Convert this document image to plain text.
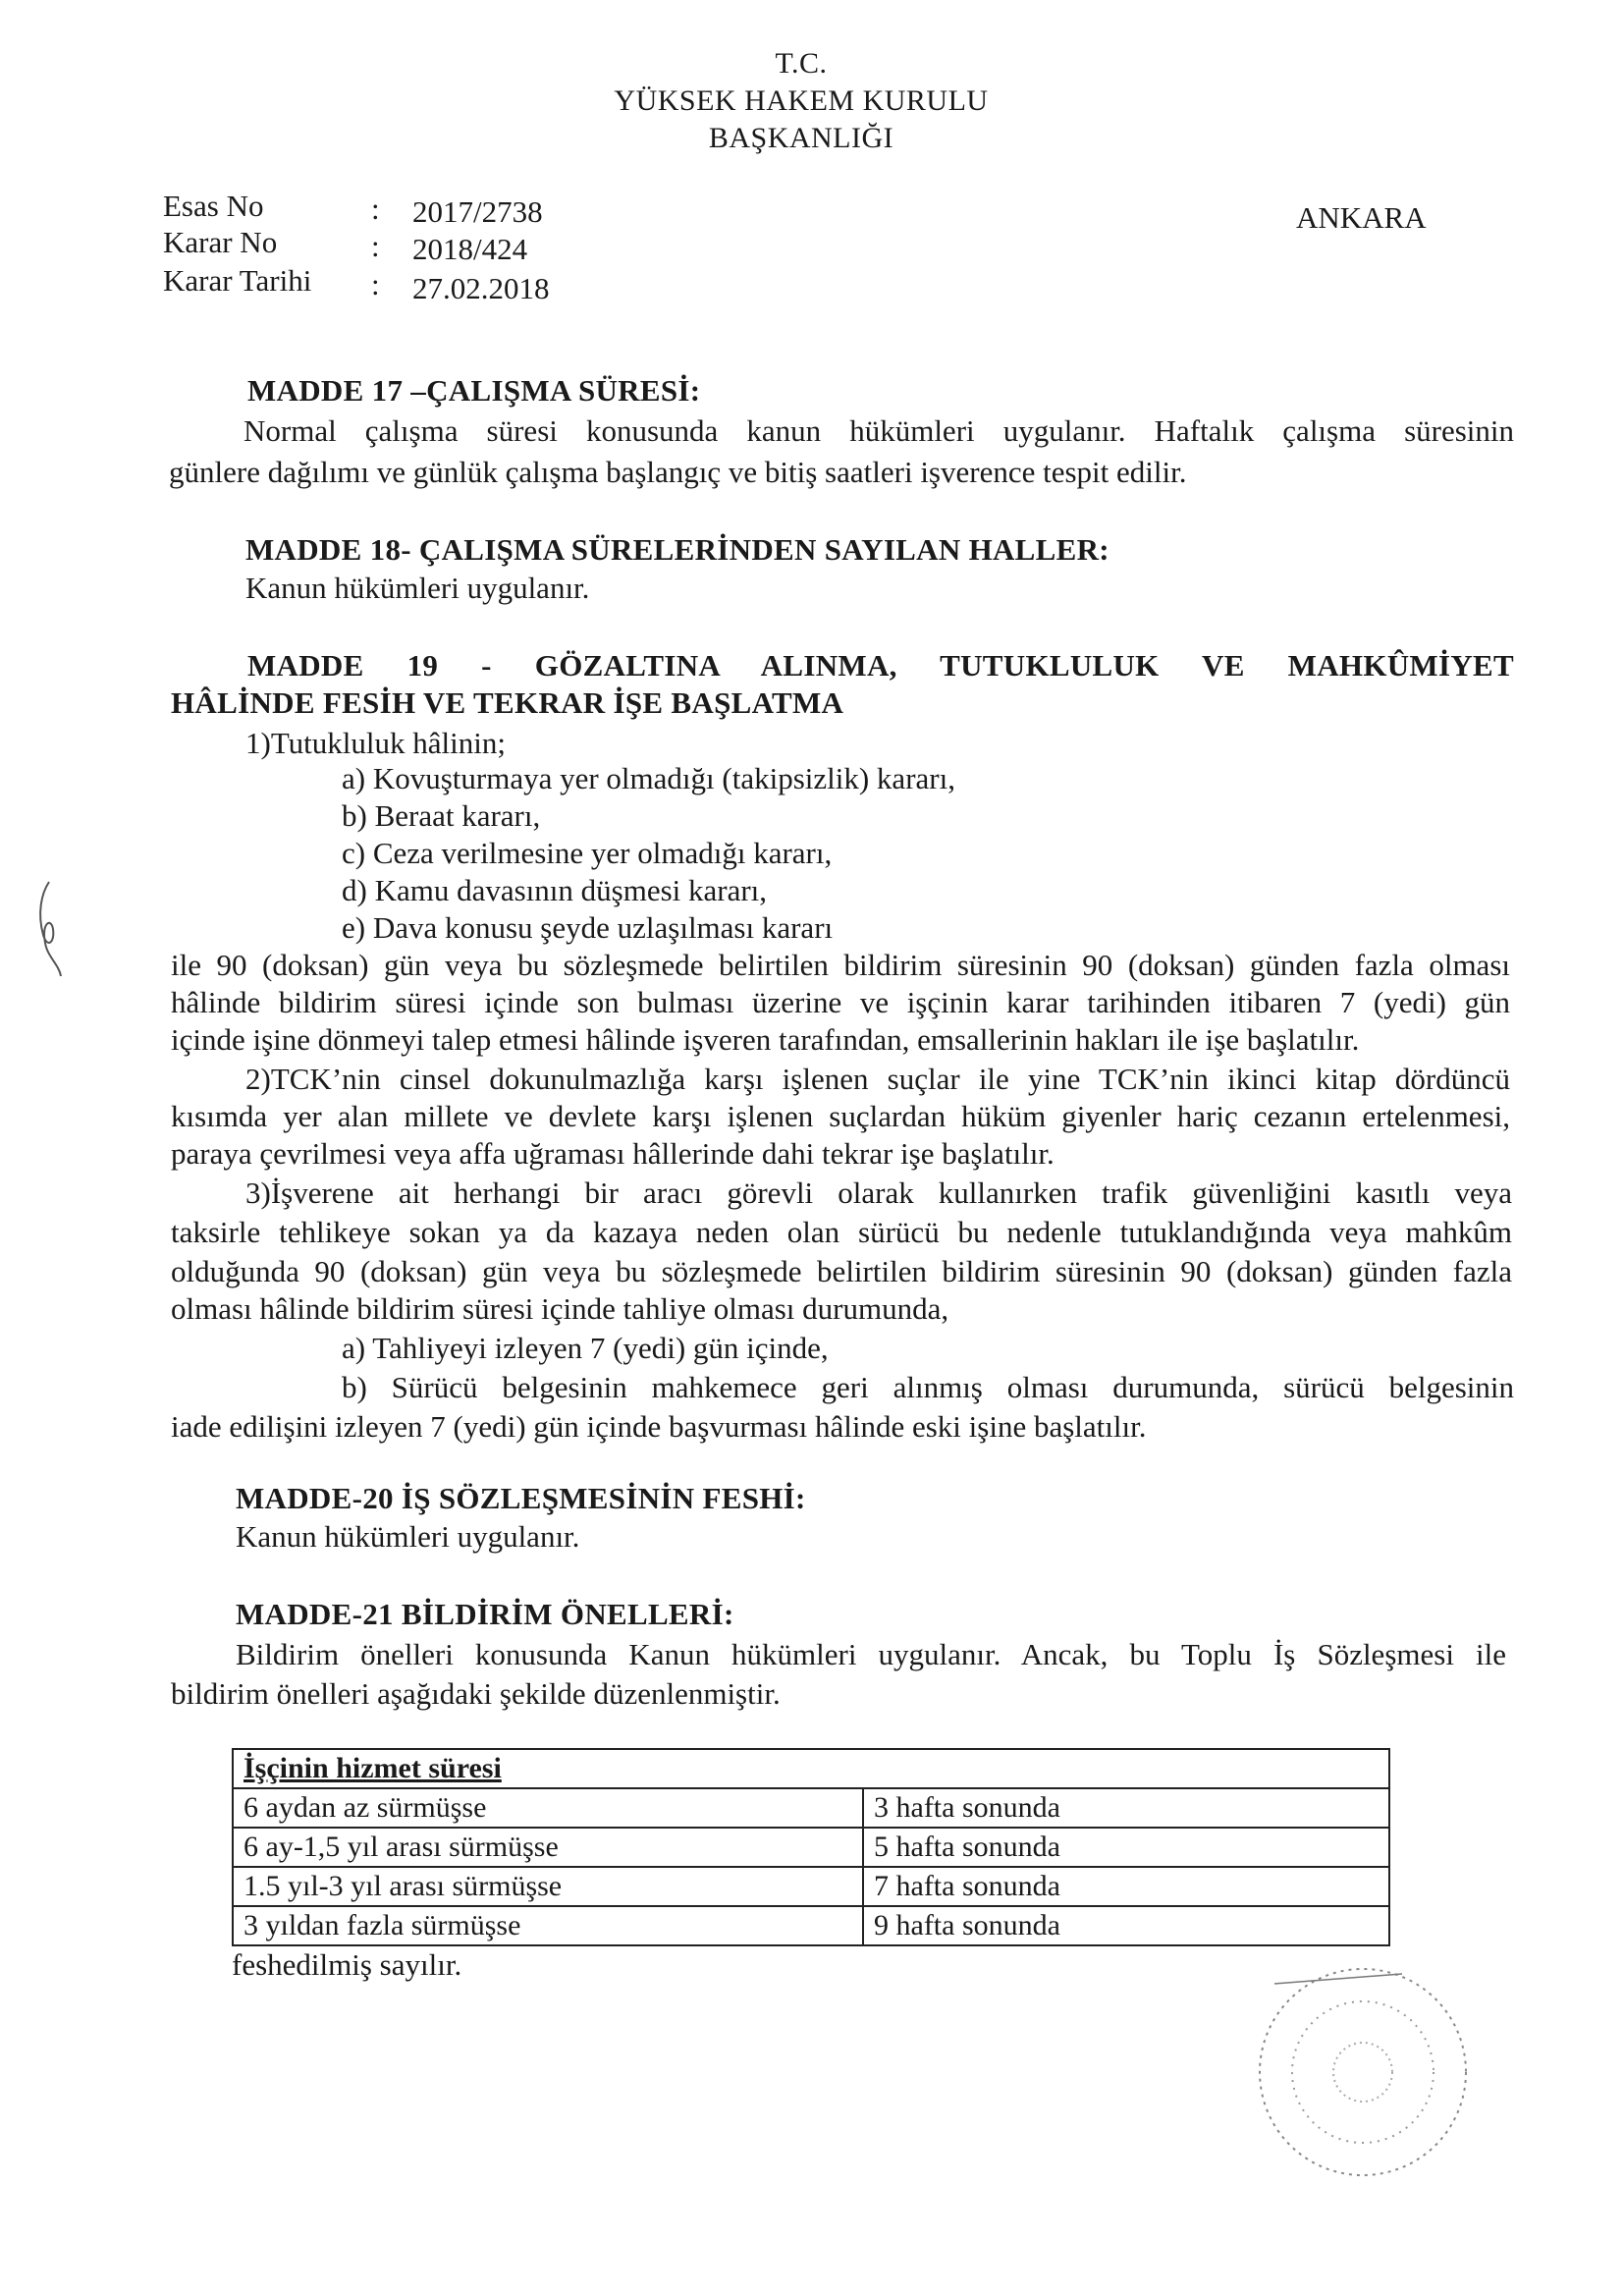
T.C.
YÜKSEK HAKEM KURULU
BAŞKANLIĞI
Esas No	: 2017/2738
Karar No	: 2018/424
Karar Tarihi : 27.02.2018
ANKARA
MADDE 17 –ÇALIŞMA SÜRESİ:
Normal çalışma süresi konusunda kanun hükümleri uygulanır. Haftalık çalışma süresinin
günlere dağılımı ve günlük çalışma başlangıç ve bitiş saatleri işverence tespit edilir.
MADDE 18- ÇALIŞMA SÜRELERİNDEN SAYILAN HALLER:
Kanun hükümleri uygulanır.
MADDE 19 - GÖZALTINA ALINMA, TUTUKLULUK VE MAHKÛMİYET
HÂLİNDE FESİH VE TEKRAR İŞE BAŞLATMA
1)Tutukluluk hâlinin;
a) Kovuşturmaya yer olmadığı (takipsizlik) kararı,
b) Beraat kararı,
c) Ceza verilmesine yer olmadığı kararı,
d) Kamu davasının düşmesi kararı,
e) Dava konusu şeyde uzlaşılması kararı
ile 90 (doksan) gün veya bu sözleşmede belirtilen bildirim süresinin 90 (doksan) günden fazla olması
hâlinde bildirim süresi içinde son bulması üzerine ve işçinin karar tarihinden itibaren 7 (yedi) gün
içinde işine dönmeyi talep etmesi hâlinde işveren tarafından, emsallerinin hakları ile işe başlatılır.
2)TCK’nin cinsel dokunulmazlığa karşı işlenen suçlar ile yine TCK’nin ikinci kitap dördüncü
kısımda yer alan millete ve devlete karşı işlenen suçlardan hüküm giyenler hariç cezanın ertelenmesi,
paraya çevrilmesi veya affa uğraması hâllerinde dahi tekrar işe başlatılır.
3)İşverene ait herhangi bir aracı görevli olarak kullanırken trafik güvenliğini kasıtlı veya
taksirle tehlikeye sokan ya da kazaya neden olan sürücü bu nedenle tutuklandığında veya mahkûm
olduğunda 90 (doksan) gün veya bu sözleşmede belirtilen bildirim süresinin 90 (doksan) günden fazla
olması hâlinde bildirim süresi içinde tahliye olması durumunda,
a) Tahliyeyi izleyen 7 (yedi) gün içinde,
b) Sürücü belgesinin mahkemece geri alınmış olması durumunda, sürücü belgesinin
iade edilişini izleyen 7 (yedi) gün içinde başvurması hâlinde eski işine başlatılır.
MADDE-20 İŞ SÖZLEŞMESİNİN FESHİ:
Kanun hükümleri uygulanır.
MADDE-21 BİLDİRİM ÖNELLERİ:
Bildirim önelleri konusunda Kanun hükümleri uygulanır. Ancak, bu Toplu İş Sözleşmesi ile
bildirim önelleri aşağıdaki şekilde düzenlenmiştir.
İşçinin hizmet süresi	
6 aydan az sürmüşse	3 hafta sonunda
6 ay-1,5 yıl arası sürmüşse	5 hafta sonunda
1.5 yıl-3 yıl arası sürmüşse	7 hafta sonunda
3 yıldan fazla sürmüşse	9 hafta sonunda
feshedilmiş sayılır.
